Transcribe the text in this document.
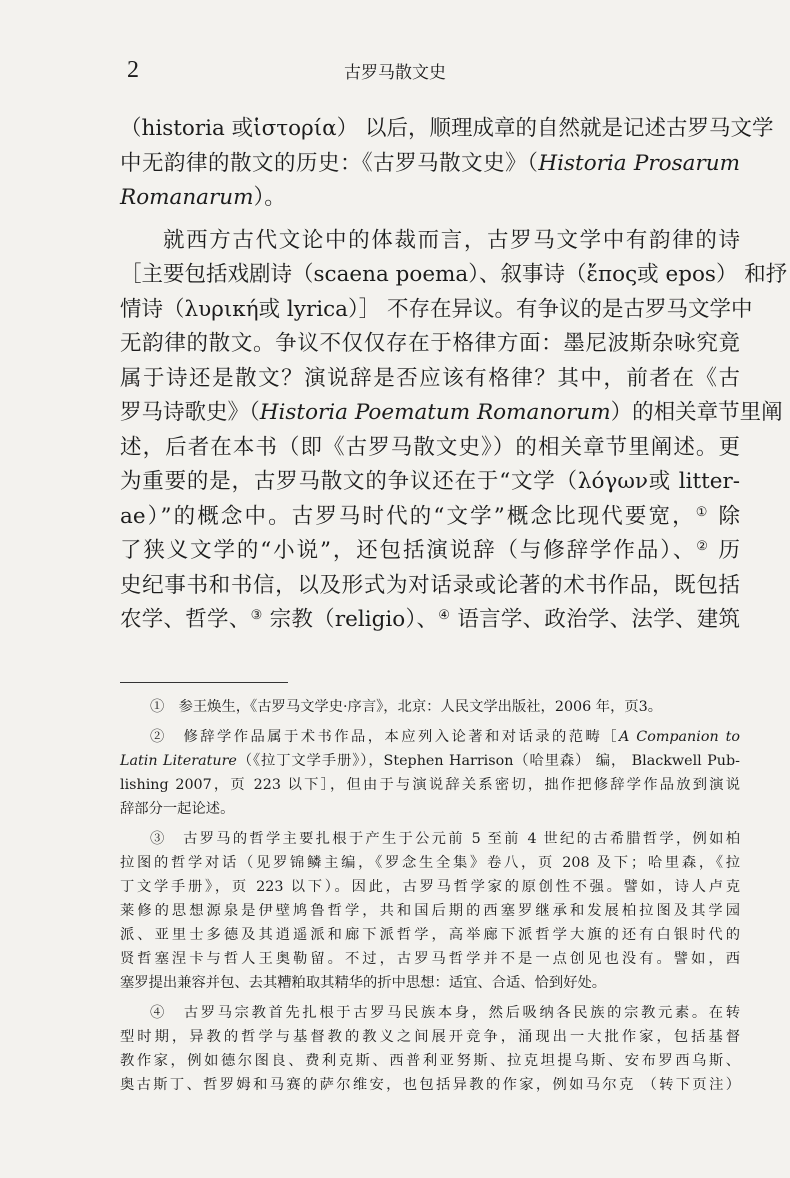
2	古罗马散文史
（historia 或ἱστορία） 以后，顺理成章的自然就是记述古罗马文学
中无韵律的散文的历史：《古罗马散文史》（Historia Prosarum
Romanarum）。
就西方古代文论中的体裁而言，古罗马文学中有韵律的诗
［主要包括戏剧诗（scaena poema）、叙事诗（ἔπος或 epos） 和抒
情诗（λυρική或 lyrica）］ 不存在异议。有争议的是古罗马文学中
无韵律的散文。争议不仅仅存在于格律方面：墨尼波斯杂咏究竟
属于诗还是散文？演说辞是否应该有格律？其中，前者在《古
罗马诗歌史》（Historia Poematum Romanorum）的相关章节里阐
述，后者在本书（即《古罗马散文史》）的相关章节里阐述。更
为重要的是，古罗马散文的争议还在于“文学（λόγων或 litter-
ae）”的概念中。古罗马时代的“文学”概念比现代要宽，① 除
了狭义文学的“小说”，还包括演说辞（与修辞学作品）、② 历
史纪事书和书信，以及形式为对话录或论著的术书作品，既包括
农学、哲学、③ 宗教（religio）、④ 语言学、政治学、法学、建筑
①　参王焕生，《古罗马文学史·序言》，北京：人民文学出版社，2006 年，页3。
②　修辞学作品属于术书作品，本应列入论著和对话录的范畴［A Companion to
Latin Literature（《拉丁文学手册》），Stephen Harrison（哈里森） 编， Blackwell Pub-
lishing 2007，页 223 以下］，但由于与演说辞关系密切，拙作把修辞学作品放到演说
辞部分一起论述。
③　古罗马的哲学主要扎根于产生于公元前 5 至前 4 世纪的古希腊哲学，例如柏
拉图的哲学对话（见罗锦鳞主编，《罗念生全集》卷八，页 208 及下；哈里森，《拉
丁文学手册》，页 223 以下）。因此，古罗马哲学家的原创性不强。譬如，诗人卢克
莱修的思想源泉是伊壁鸠鲁哲学，共和国后期的西塞罗继承和发展柏拉图及其学园
派、亚里士多德及其逍遥派和廊下派哲学，高举廊下派哲学大旗的还有白银时代的
贤哲塞涅卡与哲人王奥勒留。不过，古罗马哲学并不是一点创见也没有。譬如，西
塞罗提出兼容并包、去其糟粕取其精华的折中思想：适宜、合适、恰到好处。
④　古罗马宗教首先扎根于古罗马民族本身，然后吸纳各民族的宗教元素。在转
型时期，异教的哲学与基督教的教义之间展开竞争，涌现出一大批作家，包括基督
教作家，例如德尔图良、费利克斯、西普利亚努斯、拉克坦提乌斯、安布罗西乌斯、
奥古斯丁、哲罗姆和马赛的萨尔维安，也包括异教的作家，例如马尔克 （转下页注）
